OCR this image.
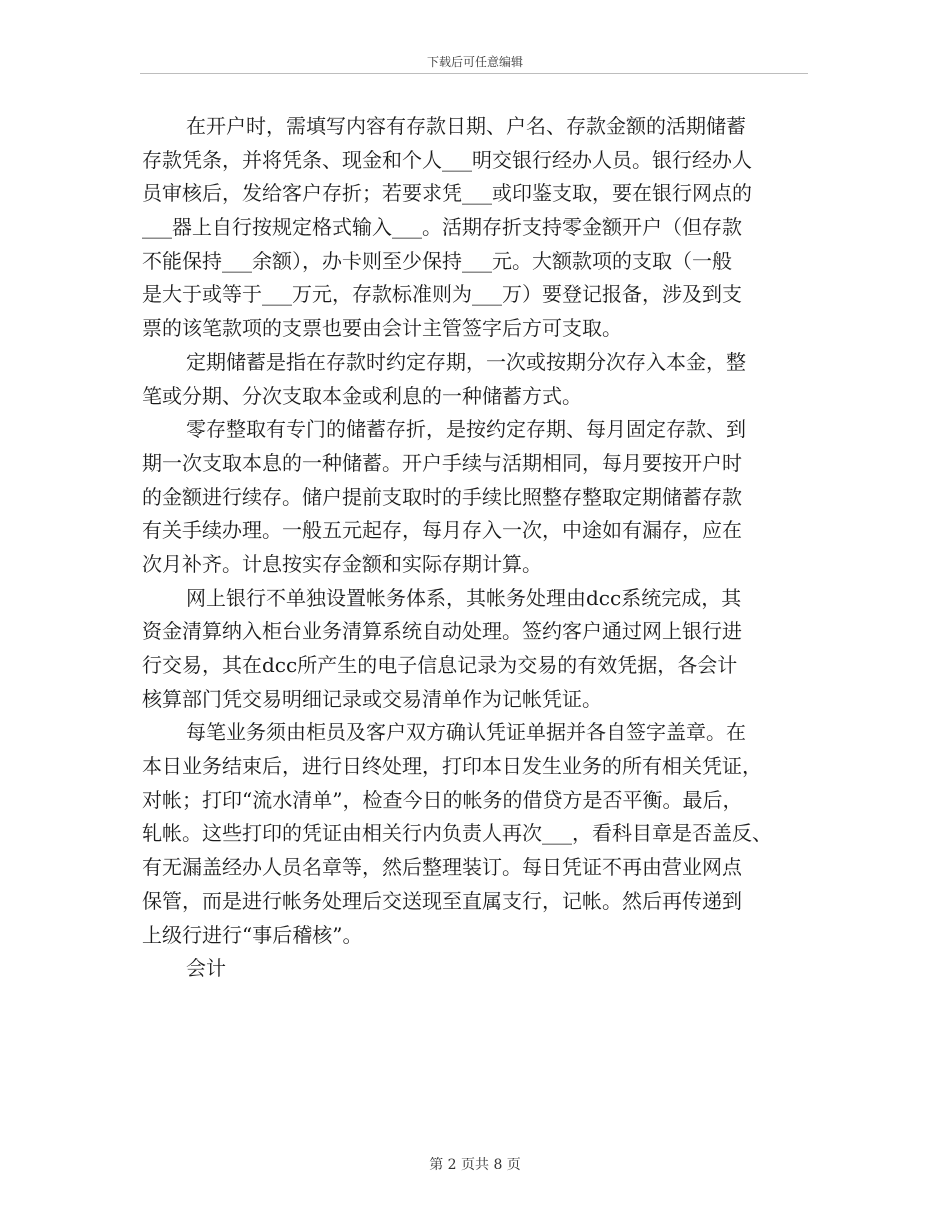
下载后可任意编辑
在开户时，需填写内容有存款日期、户名、存款金额的活期储蓄
存款凭条，并将凭条、现金和个人___明交银行经办人员。银行经办人
员审核后，发给客户存折；若要求凭___或印鉴支取，要在银行网点的
___器上自行按规定格式输入___。活期存折支持零金额开户（但存款
不能保持___余额），办卡则至少保持___元。大额款项的支取（一般
是大于或等于___万元，存款标准则为___万）要登记报备，涉及到支
票的该笔款项的支票也要由会计主管签字后方可支取。
定期储蓄是指在存款时约定存期，一次或按期分次存入本金，整
笔或分期、分次支取本金或利息的一种储蓄方式。
零存整取有专门的储蓄存折，是按约定存期、每月固定存款、到
期一次支取本息的一种储蓄。开户手续与活期相同，每月要按开户时
的金额进行续存。储户提前支取时的手续比照整存整取定期储蓄存款
有关手续办理。一般五元起存，每月存入一次，中途如有漏存，应在
次月补齐。计息按实存金额和实际存期计算。
网上银行不单独设置帐务体系，其帐务处理由dcc系统完成，其
资金清算纳入柜台业务清算系统自动处理。签约客户通过网上银行进
行交易，其在dcc所产生的电子信息记录为交易的有效凭据，各会计
核算部门凭交易明细记录或交易清单作为记帐凭证。
每笔业务须由柜员及客户双方确认凭证单据并各自签字盖章。在
本日业务结束后，进行日终处理，打印本日发生业务的所有相关凭证，
对帐；打印“流水清单”，检查今日的帐务的借贷方是否平衡。最后，
轧帐。这些打印的凭证由相关行内负责人再次___，看科目章是否盖反、
有无漏盖经办人员名章等，然后整理装订。每日凭证不再由营业网点
保管，而是进行帐务处理后交送现至直属支行，记帐。然后再传递到
上级行进行“事后稽核”。
会计
第 2 页共 8 页
